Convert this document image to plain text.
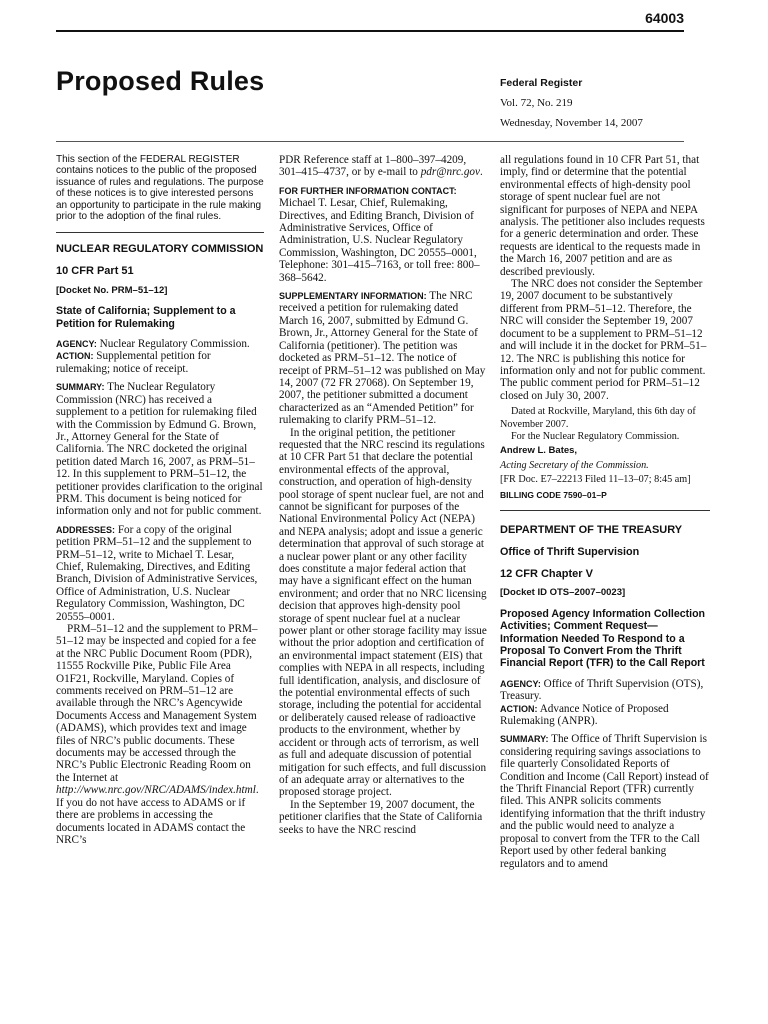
64003
Proposed Rules	Federal Register
Vol. 72, No. 219
Wednesday, November 14, 2007

This section of the FEDERAL REGISTER contains notices to the public of the proposed issuance of rules and regulations. The purpose of these notices is to give interested persons an opportunity to participate in the rule making prior to the adoption of the final rules.

NUCLEAR REGULATORY COMMISSION

10 CFR Part 51

[Docket No. PRM–51–12]

State of California; Supplement to a Petition for Rulemaking

AGENCY: Nuclear Regulatory Commission.

ACTION: Supplemental petition for rulemaking; notice of receipt.

SUMMARY: The Nuclear Regulatory Commission (NRC) has received a supplement to a petition for rulemaking filed with the Commission by Edmund G. Brown, Jr., Attorney General for the State of California. The NRC docketed the original petition dated March 16, 2007, as PRM–51–12. In this supplement to PRM–51–12, the petitioner provides clarification to the original PRM. This document is being noticed for information only and not for public comment.

ADDRESSES: For a copy of the original petition PRM–51–12 and the supplement to PRM–51–12, write to Michael T. Lesar, Chief, Rulemaking, Directives, and Editing Branch, Division of Administrative Services, Office of Administration, U.S. Nuclear Regulatory Commission, Washington, DC 20555–0001.

PRM–51–12 and the supplement to PRM–51–12 may be inspected and copied for a fee at the NRC Public Document Room (PDR), 11555 Rockville Pike, Public File Area O1F21, Rockville, Maryland. Copies of comments received on PRM–51–12 are available through the NRC’s Agencywide Documents Access and Management System (ADAMS), which provides text and image files of NRC’s public documents. These documents may be accessed through the NRC’s Public Electronic Reading Room on the Internet at http://www.nrc.gov/NRC/ADAMS/index.html. If you do not have access to ADAMS or if there are problems in accessing the documents located in ADAMS contact the NRC’s

PDR Reference staff at 1–800–397–4209, 301–415–4737, or by e-mail to pdr@nrc.gov.

FOR FURTHER INFORMATION CONTACT:
Michael T. Lesar, Chief, Rulemaking, Directives, and Editing Branch, Division of Administrative Services, Office of Administration, U.S. Nuclear Regulatory Commission, Washington, DC 20555–0001, Telephone: 301–415–7163, or toll free: 800–368–5642.

SUPPLEMENTARY INFORMATION: The NRC received a petition for rulemaking dated March 16, 2007, submitted by Edmund G. Brown, Jr., Attorney General for the State of California (petitioner). The petition was docketed as PRM–51–12. The notice of receipt of PRM–51–12 was published on May 14, 2007 (72 FR 27068). On September 19, 2007, the petitioner submitted a document characterized as an “Amended Petition” for rulemaking to clarify PRM–51–12.

In the original petition, the petitioner requested that the NRC rescind its regulations at 10 CFR Part 51 that declare the potential environmental effects of the approval, construction, and operation of high-density pool storage of spent nuclear fuel, are not and cannot be significant for purposes of the National Environmental Policy Act (NEPA) and NEPA analysis; adopt and issue a generic determination that approval of such storage at a nuclear power plant or any other facility does constitute a major federal action that may have a significant effect on the human environment; and order that no NRC licensing decision that approves high-density pool storage of spent nuclear fuel at a nuclear power plant or other storage facility may issue without the prior adoption and certification of an environmental impact statement (EIS) that complies with NEPA in all respects, including full identification, analysis, and disclosure of the potential environmental effects of such storage, including the potential for accidental or deliberately caused release of radioactive products to the environment, whether by accident or through acts of terrorism, as well as full and adequate discussion of potential mitigation for such effects, and full discussion of an adequate array or alternatives to the proposed storage project.

In the September 19, 2007 document, the petitioner clarifies that the State of California seeks to have the NRC rescind

all regulations found in 10 CFR Part 51, that imply, find or determine that the potential environmental effects of high-density pool storage of spent nuclear fuel are not significant for purposes of NEPA and NEPA analysis. The petitioner also includes requests for a generic determination and order. These requests are identical to the requests made in the March 16, 2007 petition and are as described previously.

The NRC does not consider the September 19, 2007 document to be substantively different from PRM–51–12. Therefore, the NRC will consider the September 19, 2007 document to be a supplement to PRM–51–12 and will include it in the docket for PRM–51–12. The NRC is publishing this notice for information only and not for public comment. The public comment period for PRM–51–12 closed on July 30, 2007.

Dated at Rockville, Maryland, this 6th day of November 2007.

For the Nuclear Regulatory Commission.

Andrew L. Bates,

Acting Secretary of the Commission.

[FR Doc. E7–22213 Filed 11–13–07; 8:45 am]

BILLING CODE 7590–01–P

DEPARTMENT OF THE TREASURY

Office of Thrift Supervision

12 CFR Chapter V

[Docket ID OTS–2007–0023]

Proposed Agency Information Collection Activities; Comment Request—Information Needed To Respond to a Proposal To Convert From the Thrift Financial Report (TFR) to the Call Report

AGENCY: Office of Thrift Supervision (OTS), Treasury.

ACTION: Advance Notice of Proposed Rulemaking (ANPR).

SUMMARY: The Office of Thrift Supervision is considering requiring savings associations to file quarterly Consolidated Reports of Condition and Income (Call Report) instead of the Thrift Financial Report (TFR) currently filed. This ANPR solicits comments identifying information that the thrift industry and the public would need to analyze a proposal to convert from the TFR to the Call Report used by other federal banking regulators and to amend
